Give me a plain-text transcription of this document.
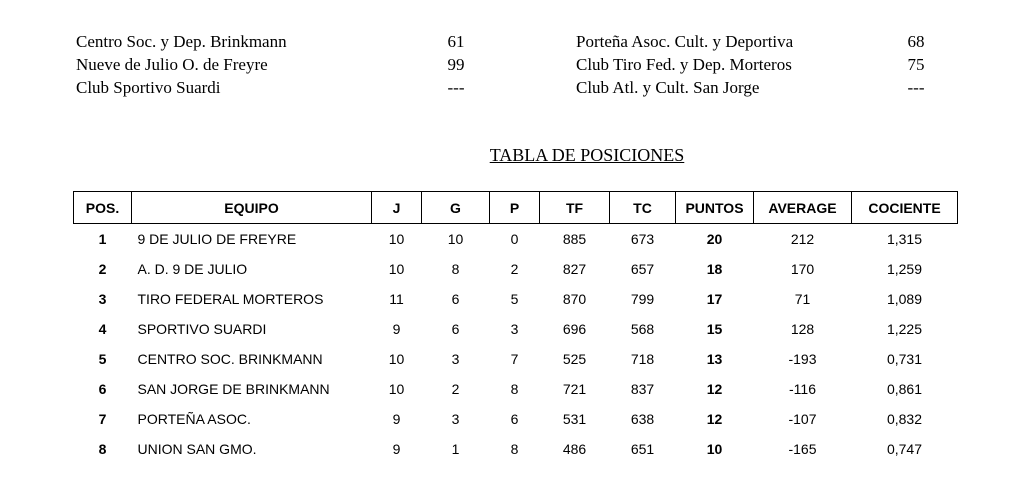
Centro Soc. y Dep. Brinkmann	61	Porteña Asoc. Cult. y Deportiva	68
Nueve de Julio O. de Freyre	99	Club Tiro Fed. y Dep. Morteros	75
Club Sportivo Suardi	---	Club Atl. y Cult. San Jorge	---
TABLA DE POSICIONES
POS.	EQUIPO	J	G	P	TF	TC	PUNTOS	AVERAGE	COCIENTE
1	9 DE JULIO DE FREYRE	10	10	0	885	673	20	212	1,315
2	A. D. 9 DE JULIO	10	8	2	827	657	18	170	1,259
3	TIRO FEDERAL MORTEROS	11	6	5	870	799	17	71	1,089
4	SPORTIVO SUARDI	9	6	3	696	568	15	128	1,225
5	CENTRO SOC. BRINKMANN	10	3	7	525	718	13	-193	0,731
6	SAN JORGE DE BRINKMANN	10	2	8	721	837	12	-116	0,861
7	PORTEÑA ASOC.	9	3	6	531	638	12	-107	0,832
8	UNION SAN GMO.	9	1	8	486	651	10	-165	0,747
